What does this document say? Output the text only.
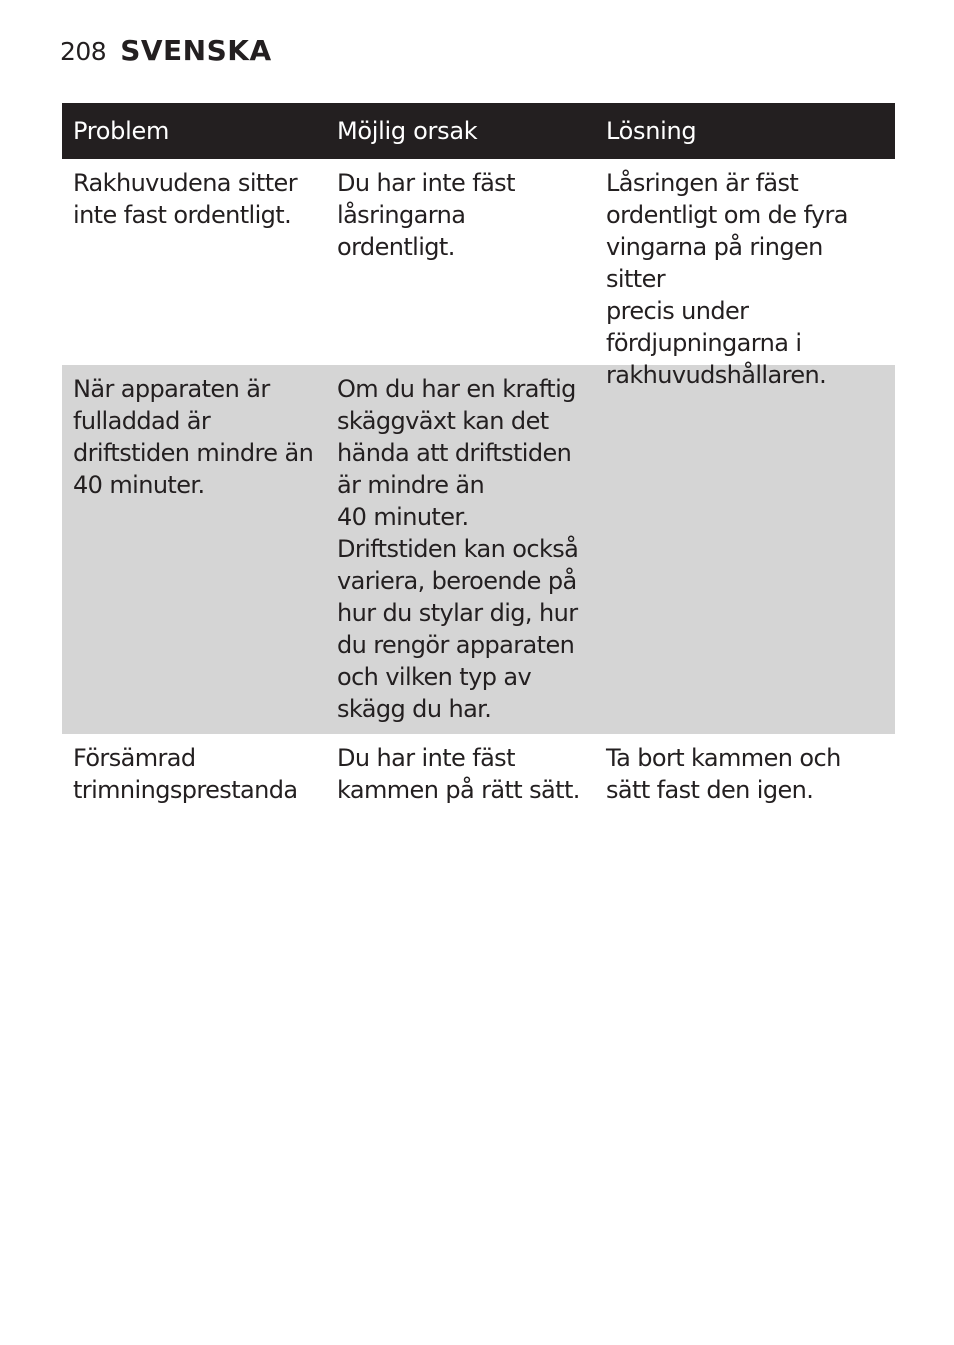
208 SVENSKA
Problem	Möjlig orsak	Lösning
Rakhuvudena sitter
inte fast ordentligt.
Du har inte fäst
låsringarna ordentligt.
Låsringen är fäst
ordentligt om de fyra
vingarna på ringen sitter
precis under
fördjupningarna i
rakhuvudshållaren.
När apparaten är
fulladdad är
driftstiden mindre än
40 minuter.
Om du har en kraftig
skäggväxt kan det
hända att driftstiden
är mindre än
40 minuter.
Driftstiden kan också
variera, beroende på
hur du stylar dig, hur
du rengör apparaten
och vilken typ av
skägg du har.
Försämrad
trimningsprestanda
Du har inte fäst
kammen på rätt sätt.
Ta bort kammen och
sätt fast den igen.
